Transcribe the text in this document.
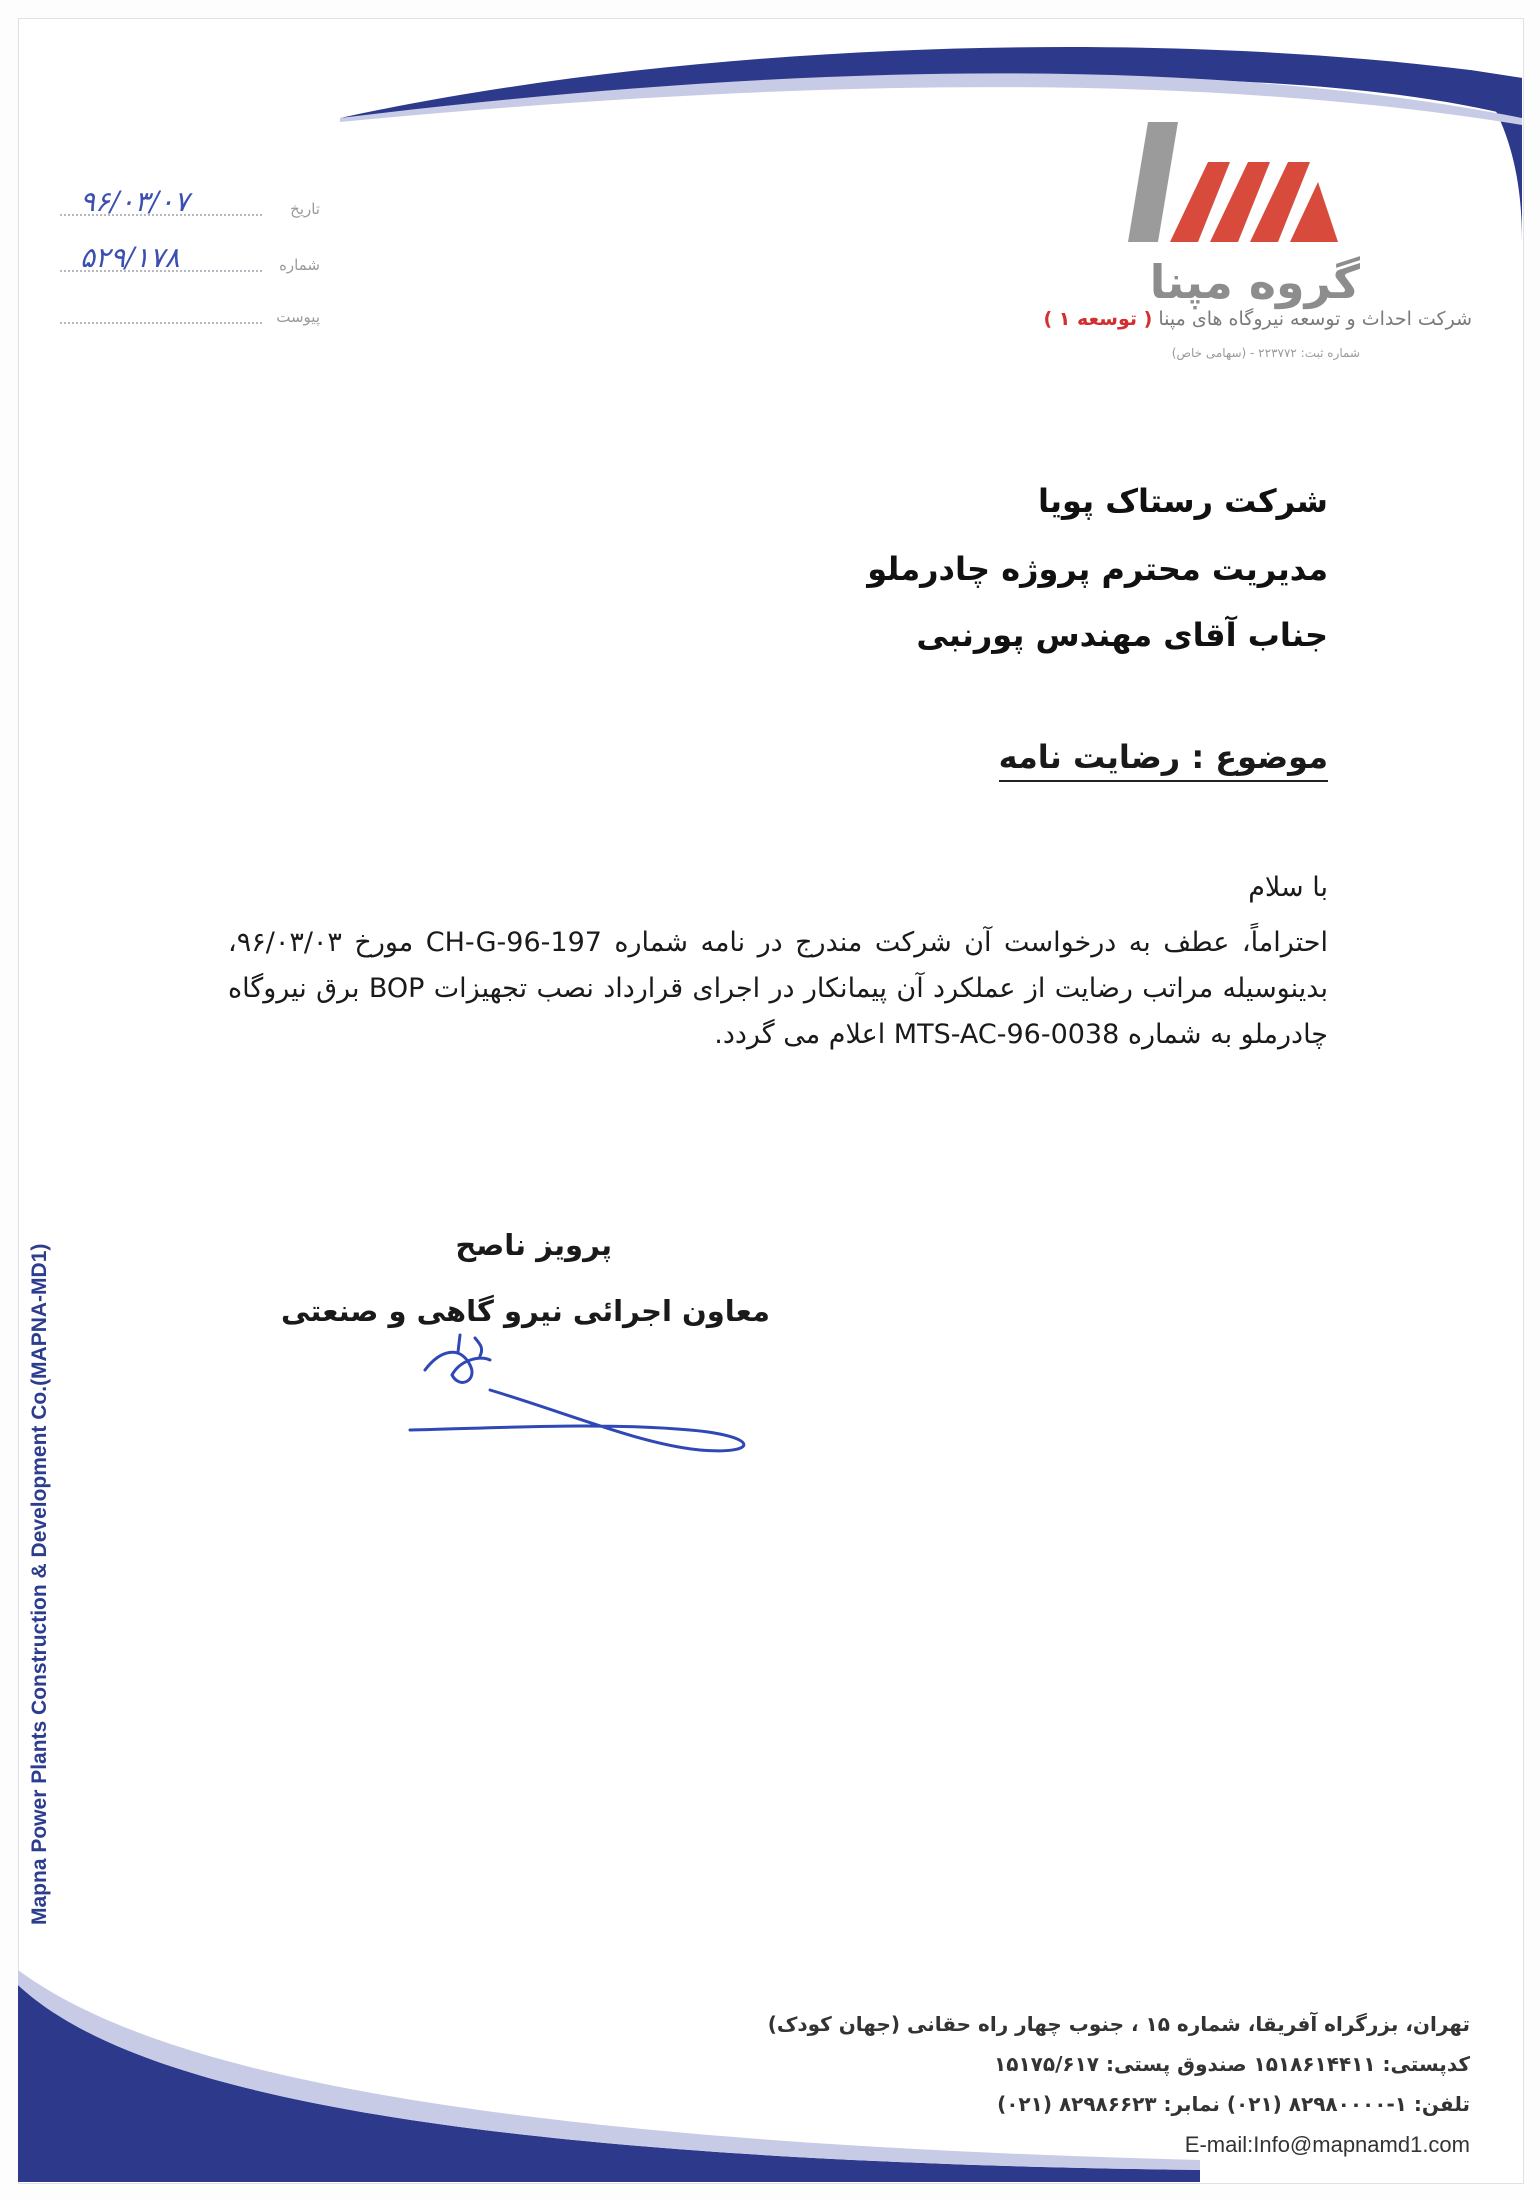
گروه مپنا
شرکت احداث و توسعه نیروگاه های مپنا ( توسعه ۱ )
شماره ثبت: ۲۲۳۷۷۲ - (سهامی خاص)
۹۶/۰۳/۰۷	تاریخ
۵۲۹/۱۷۸	شماره
پیوست
شرکت رستاک پویا
مدیریت محترم پروژه چادرملو
جناب آقای مهندس پورنبی
موضوع : رضایت نامه
با سلام
احتراماً، عطف به درخواست آن شرکت مندرج در نامه شماره CH-G-96-197 مورخ ۹۶/۰۳/۰۳، بدینوسیله مراتب رضایت از عملکرد آن پیمانکار در اجرای قرارداد نصب تجهیزات BOP برق نیروگاه چادرملو به شماره MTS-AC-96-0038 اعلام می گردد.
پرویز ناصح
معاون اجرائی نیرو گاهی و صنعتی
Mapna Power Plants Construction & Development Co.(MAPNA-MD1)
تهران، بزرگراه آفریقا، شماره ۱۵ ، جنوب چهار راه حقانی (جهان کودک)
کدپستی: ۱۵۱۸۶۱۴۴۱۱ صندوق پستی: ۱۵۱۷۵/۶۱۷
تلفن: ۱-۸۲۹۸۰۰۰۰ (۰۲۱) نمابر: ۸۲۹۸۶۶۲۳ (۰۲۱)
E-mail:Info@mapnamd1.com
